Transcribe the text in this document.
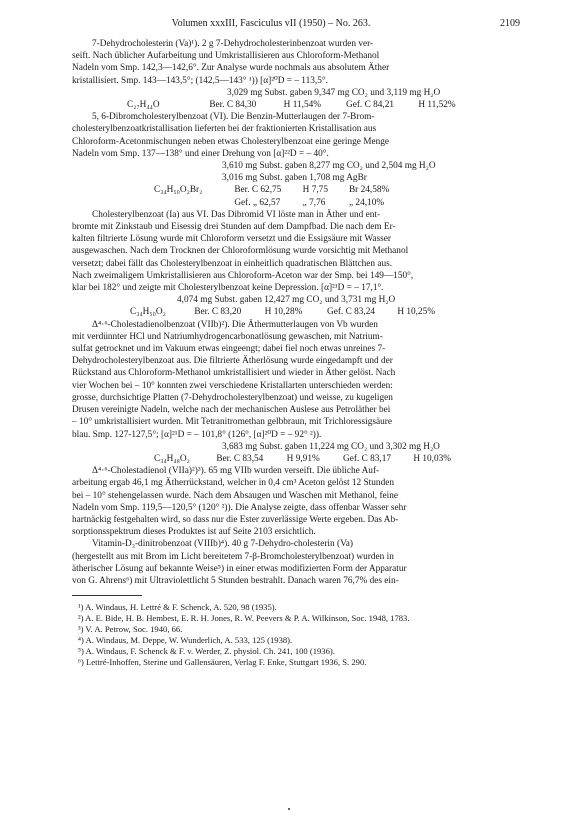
Volumen xxxIII, Fasciculus vII (1950) – No. 263.	2109

7-Dehydrocholesterin (Va)¹). 2 g 7-Dehydrocholesterinbenzoat wurden ver-

seift. Nach üblicher Aufarbeitung und Umkristallisieren aus Chloroform-Methanol

Nadeln vom Smp. 142,3—142,6°. Zur Analyse wurde nochmals aus absolutem Äther

kristallisiert. Smp. 143—143,5°; (142,5—143° ¹)) [α]²⁰D = – 113,5°.

3,029 mg Subst. gaben 9,347 mg CO₂ und 3,119 mg H₂O

C₂₇H₄₄O	Ber. C 84,30	H 11,54%	Gef. C 84,21	H 11,52%

5, 6-Dibromcholesterylbenzoat (VI). Die Benzin-Mutterlaugen der 7-Brom-

cholesterylbenzoatkristallisation lieferten bei der fraktionierten Kristallisation aus

Chloroform-Acetonmischungen neben etwas Cholesterylbenzoat eine geringe Menge

Nadeln vom Smp. 137—138° und einer Drehung von [α]²²D = – 40°.

3,610 mg Subst. gaben 8,277 mg CO₂ und 2,504 mg H₂O

3,016 mg Subst. gaben 1,708 mg AgBr

C₃₄H₅₀O₂Br₂	Ber. C 62,75 H 7,75 Br 24,58%

Gef. „ 62,57 „ 7,76	„ 24,10%

Cholesterylbenzoat (Ia) aus VI. Das Dibromid VI löste man in Äther und ent-

bromte mit Zinkstaub und Eisessig drei Stunden auf dem Dampfbad. Die nach dem Er-

kalten filtrierte Lösung wurde mit Chloroform versetzt und die Essigsäure mit Wasser

ausgewaschen. Nach dem Trocknen der Chloroformlösung wurde vorsichtig mit Methanol

versetzt; dabei fällt das Cholesterylbenzoat in einheitlich quadratischen Blättchen aus.

Nach zweimaligem Umkristallisieren aus Chloroform-Aceton war der Smp. bei 149—150°,

klar bei 182° und zeigte mit Cholesterylbenzoat keine Depression. [α]²¹D = – 17,1°.

4,074 mg Subst. gaben 12,427 mg CO₂ und 3,731 mg H₂O

C₃₄H₅₀O₂	Ber. C 83,20	H 10,28%	Gef. C 83,24 H 10,25%

Δ⁴·⁶-Cholestadienolbenzoat (VIIb)²). Die Äthermutterlaugen von Vb wurden

mit verdünnter HCl und Natriumhydrogencarbonatlösung gewaschen, mit Natrium-

sulfat getrocknet und im Vakuum etwas eingeengt; dabei fiel noch etwas unreines 7-

Dehydrocholesterylbenzoat aus. Die filtrierte Ätherlösung wurde eingedampft und der

Rückstand aus Chloroform-Methanol umkristallisiert und wieder in Äther gelöst. Nach

vier Wochen bei – 10° konnten zwei verschiedene Kristallarten unterschieden werden:

grosse, durchsichtige Platten (7-Dehydrocholesterylbenzoat) und weisse, zu kugeligen

Drusen vereinigte Nadeln, welche nach der mechanischen Auslese aus Petroläther bei

– 10° umkristallisiert wurden. Mit Tetranitromethan gelbbraun, mit Trichloressigsäure

blau. Smp. 127-127,5°; [α]²¹D = – 101,8° (126°, [α]²⁰D = – 92° ²)).

3,683 mg Subst. gaben 11,224 mg CO₂ und 3,302 mg H₂O

C₃₄H₄₈O₂	Ber. C 83,54	H 9,91%	Gef. C 83,17 H 10,03%

Δ⁴·⁶-Cholestadienol (VIIa)²)³). 65 mg VIIb wurden verseift. Die übliche Auf-

arbeitung ergab 46,1 mg Ätherrückstand, welcher in 0,4 cm³ Aceton gelöst 12 Stunden

bei – 10° stehengelassen wurde. Nach dem Absaugen und Waschen mit Methanol, feine

Nadeln vom Smp. 119,5—120,5° (120° ²)). Die Analyse zeigte, dass offenbar Wasser sehr

hartnäckig festgehalten wird, so dass nur die Ester zuverlässige Werte ergeben. Das Ab-

sorptionsspektrum dieses Produktes ist auf Seite 2103 ersichtlich.

Vitamin-D₃-dinitrobenzoat (VIIIb)⁴). 40 g 7-Dehydro-cholesterin (Va)

(hergestellt aus mit Brom im Licht bereitetem 7-β-Bromcholesterylbenzoat) wurden in

ätherischer Lösung auf bekannte Weise⁵) in einer etwas modifizierten Form der Apparatur

von G. Ahrens⁶) mit Ultraviolettlicht 5 Stunden bestrahlt. Danach waren 76,7% des ein-

¹) A. Windaus, H. Lettré & F. Schenck, A. 520, 98 (1935).

²) A. E. Bide, H. B. Hembest, E. R. H. Jones, R. W. Peevers & P. A. Wilkinson, Soc. 1948, 1783.

³) V. A. Petrow, Soc. 1940, 66.

⁴) A. Windaus, M. Deppe, W. Wunderlich, A. 533, 125 (1938).

⁵) A. Windaus, F. Schenck & F. v. Werder, Z. physiol. Ch. 241, 100 (1936).

⁶) Lettré-Inhoffen, Sterine und Gallensäuren, Verlag F. Enke, Stuttgart 1936, S. 290.
